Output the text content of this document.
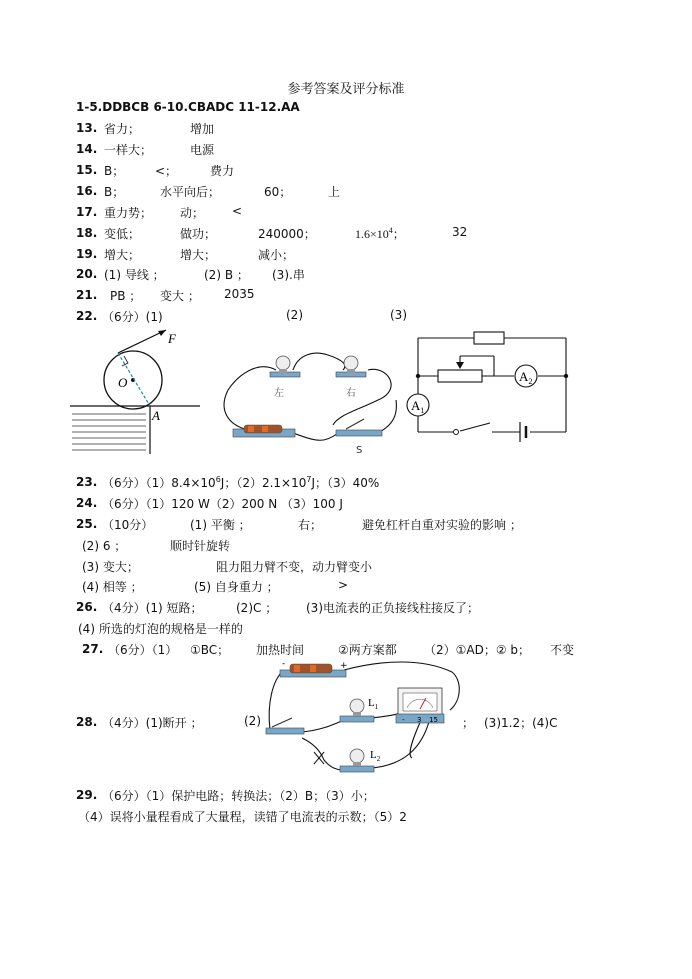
参考答案及评分标准
1-5.DDBCB 6-10.CBADC 11-12.AA
13. 省力；	增加
14. 一样大；	电源
15. B；	<；	费力
16. B；	水平向后；	60；	上
17. 重力势； 动； <
18. 变低；	做功；	240000；	$1.6\times 10^4$；	32
19. 增大；	增大；	减小；
20. (1) 导线 ；	(2) B ； (3).串
21. PB ； 变大 ； 2035
22. （6分）(1)	(2)	(3)
F
O
A
左	右
S
$A_2$
$A_1$
23. （6分）$(1)8.4\times 10^6J$；$(2)2.1\times 10^7J$；（3）40%
24. （6分）（1）120 W（2）200 N （3）100 J
25. （10分）	(1) 平衡 ；	右；	避免杠杆自重对实验的影响 ；
(2) 6 ；	顺时针旋转
(3) 变大；	阻力阻力臂不变，动力臂变小
(4) 相等 ；	(5) 自身重力 ；	>
26. （4分）(1) 短路；	(2)C ； (3)电流表的正负接线柱接反了；
(4) 所选的灯泡的规格是一样的
27. （6分）（1） ①BC； 加热时间	②两方案都 （2）①AD；② b； 不变
28. （4分）(1)断开 ；	(2)	； (3)1.2；(4)C
-	+
$L_1$
$L_2$
- 3 15
29. （6分）（1）保护电路；转换法；（2）B；（3）小；
（4）误将小量程看成了大量程，读错了电流表的示数；（5）2
